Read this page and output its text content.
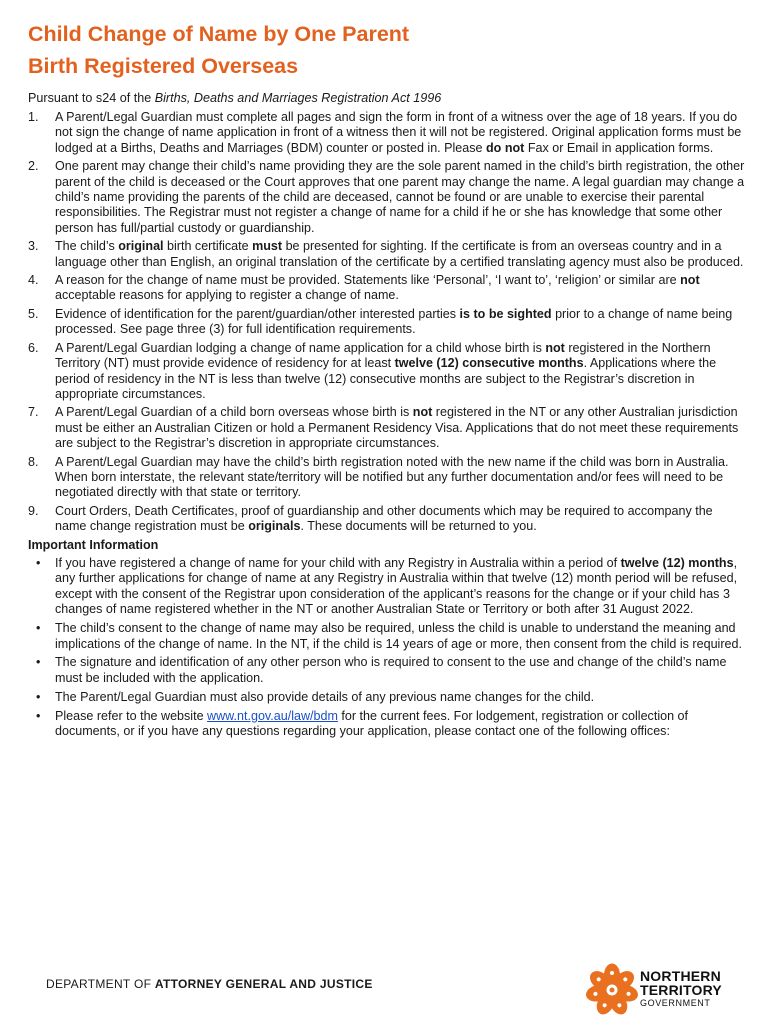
Child Change of Name by One Parent
Birth Registered Overseas
Pursuant to s24 of the Births, Deaths and Marriages Registration Act 1996
1. A Parent/Legal Guardian must complete all pages and sign the form in front of a witness over the age of 18 years. If you do not sign the change of name application in front of a witness then it will not be registered. Original application forms must be lodged at a Births, Deaths and Marriages (BDM) counter or posted in. Please do not Fax or Email in application forms.
2. One parent may change their child’s name providing they are the sole parent named in the child’s birth registration, the other parent of the child is deceased or the Court approves that one parent may change the name. A legal guardian may change a child’s name providing the parents of the child are deceased, cannot be found or are unable to exercise their parental responsibilities. The Registrar must not register a change of name for a child if he or she has knowledge that some other person has full/partial custody or guardianship.
3. The child’s original birth certificate must be presented for sighting. If the certificate is from an overseas country and in a language other than English, an original translation of the certificate by a certified translating agency must also be produced.
4. A reason for the change of name must be provided. Statements like ‘Personal’, ‘I want to’, ‘religion’ or similar are not acceptable reasons for applying to register a change of name.
5. Evidence of identification for the parent/guardian/other interested parties is to be sighted prior to a change of name being processed. See page three (3) for full identification requirements.
6. A Parent/Legal Guardian lodging a change of name application for a child whose birth is not registered in the Northern Territory (NT) must provide evidence of residency for at least twelve (12) consecutive months. Applications where the period of residency in the NT is less than twelve (12) consecutive months are subject to the Registrar’s discretion in appropriate circumstances.
7. A Parent/Legal Guardian of a child born overseas whose birth is not registered in the NT or any other Australian jurisdiction must be either an Australian Citizen or hold a Permanent Residency Visa. Applications that do not meet these requirements are subject to the Registrar’s discretion in appropriate circumstances.
8. A Parent/Legal Guardian may have the child’s birth registration noted with the new name if the child was born in Australia. When born interstate, the relevant state/territory will be notified but any further documentation and/or fees will need to be negotiated directly with that state or territory.
9. Court Orders, Death Certificates, proof of guardianship and other documents which may be required to accompany the name change registration must be originals. These documents will be returned to you.
Important Information
• If you have registered a change of name for your child with any Registry in Australia within a period of twelve (12) months, any further applications for change of name at any Registry in Australia within that twelve (12) month period will be refused, except with the consent of the Registrar upon consideration of the applicant’s reasons for the change or if your child has 3 changes of name registered whether in the NT or another Australian State or Territory or both after 31 August 2022.
• The child’s consent to the change of name may also be required, unless the child is unable to understand the meaning and implications of the change of name. In the NT, if the child is 14 years of age or more, then consent from the child is required.
• The signature and identification of any other person who is required to consent to the use and change of the child’s name must be included with the application.
• The Parent/Legal Guardian must also provide details of any previous name changes for the child.
• Please refer to the website www.nt.gov.au/law/bdm for the current fees. For lodgement, registration or collection of documents, or if you have any questions regarding your application, please contact one of the following offices:
DEPARTMENT OF ATTORNEY GENERAL AND JUSTICE	NORTHERN
TERRITORY
GOVERNMENT
